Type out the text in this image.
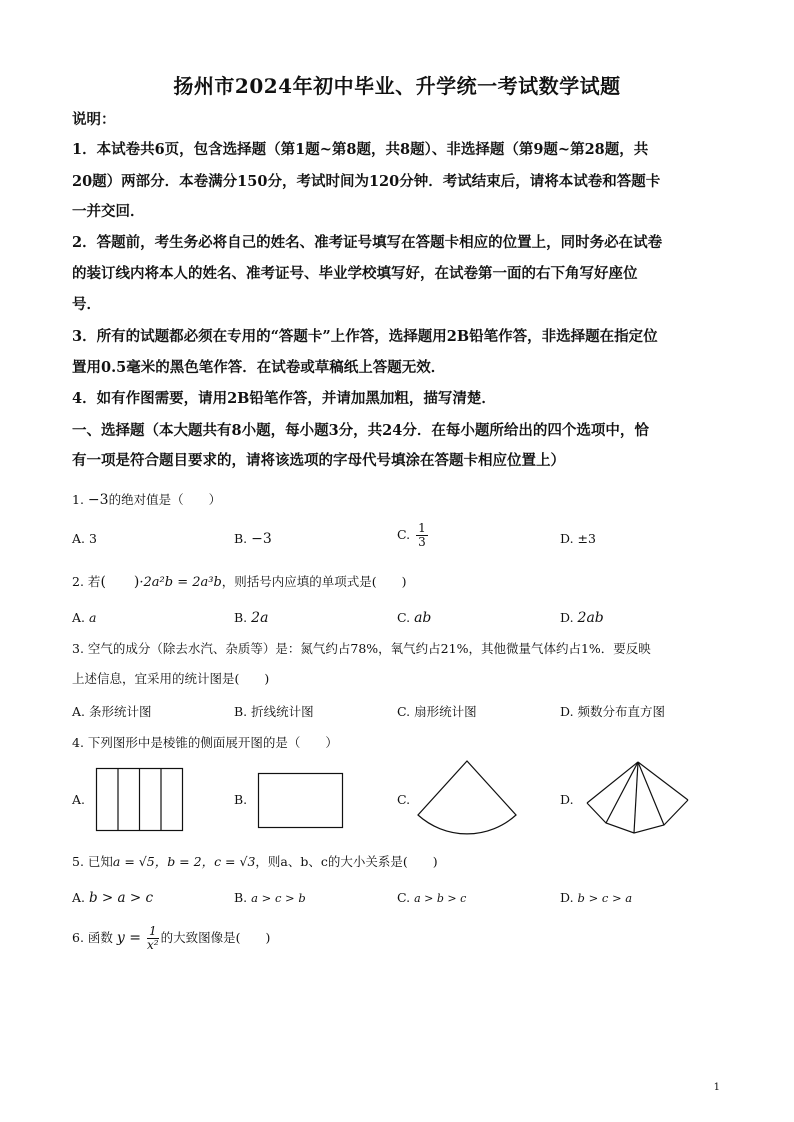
扬州市2024年初中毕业、升学统一考试数学试题
说明：
1．本试卷共6页，包含选择题（第1题~第8题，共8题）、非选择题（第9题~第28题，共
20题）两部分．本卷满分150分，考试时间为120分钟．考试结束后，请将本试卷和答题卡
一并交回．
2．答题前，考生务必将自己的姓名、准考证号填写在答题卡相应的位置上，同时务必在试卷
的装订线内将本人的姓名、准考证号、毕业学校填写好，在试卷第一面的右下角写好座位
号．
3．所有的试题都必须在专用的“答题卡”上作答，选择题用2B铅笔作答，非选择题在指定位
置用0.5毫米的黑色笔作答．在试卷或草稿纸上答题无效．
4．如有作图需要，请用2B铅笔作答，并请加黑加粗，描写清楚．
一、选择题（本大题共有8小题，每小题3分，共24分．在每小题所给出的四个选项中，恰
有一项是符合题目要求的，请将该选项的字母代号填涂在答题卡相应位置上）
1. −3的绝对值是（　　）
A. 3	B. −3	C. $\frac{1}{3}$	D. ±3
2. 若(　　)·2a²b = 2a³b，则括号内应填的单项式是(　　)
A. a	B. 2a	C. ab	D. 2ab
3. 空气的成分（除去水汽、杂质等）是：氮气约占78%，氧气约占21%，其他微量气体约占1%．要反映
上述信息，宜采用的统计图是(　　)
A. 条形统计图	B. 折线统计图	C. 扇形统计图	D. 频数分布直方图
4. 下列图形中是棱锥的侧面展开图的是（　　）
A.	B.	C.	D.
5. 已知a = √5，b = 2，c = √3，则a、b、c的大小关系是(　　)
A. b > a > c	B. a > c > b	C. a > b > c	D. b > c > a
6. 函数 $y = \frac{1}{\text{x²}}$ 的大致图像是(　　)
1
